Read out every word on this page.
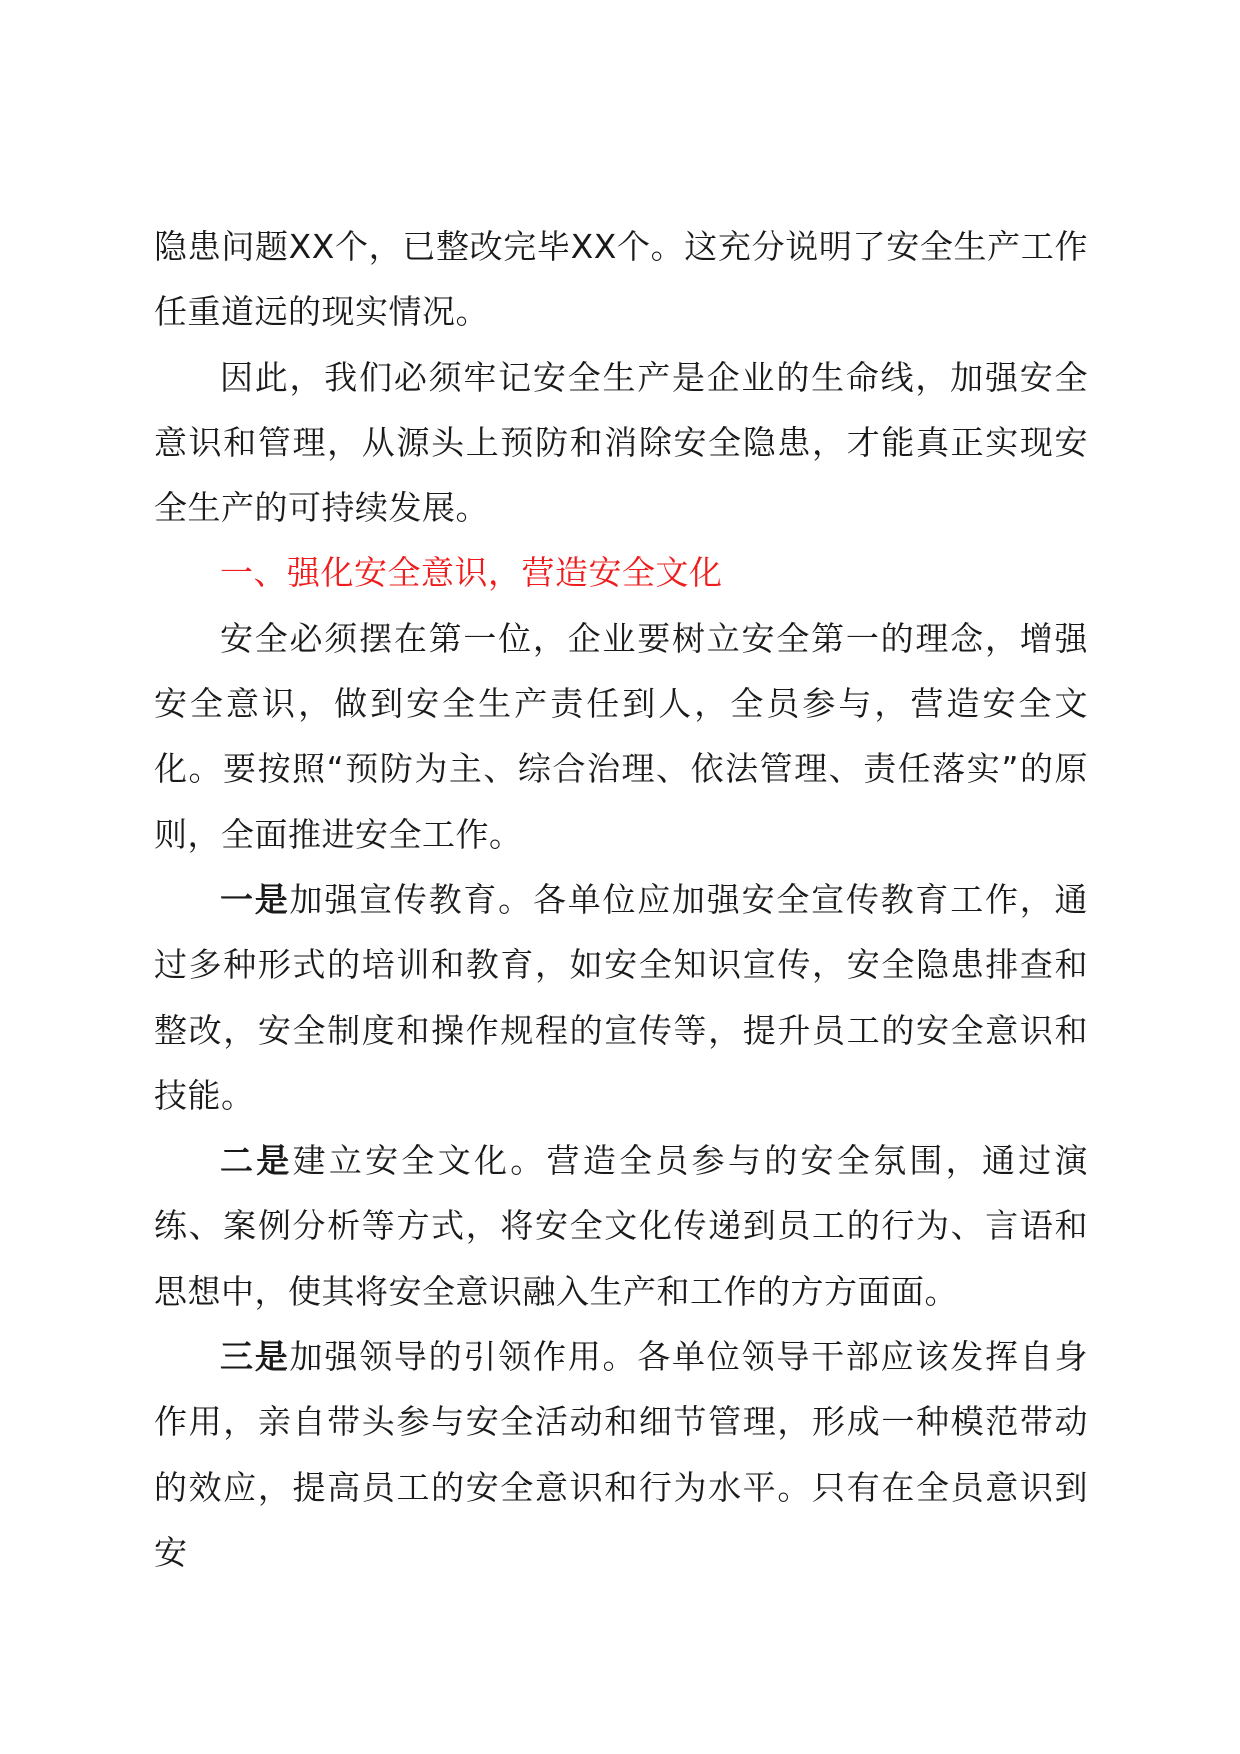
隐患问题XX个，已整改完毕XX个。这充分说明了安全生产工作任重道远的现实情况。

因此，我们必须牢记安全生产是企业的生命线，加强安全意识和管理，从源头上预防和消除安全隐患，才能真正实现安全生产的可持续发展。

一、强化安全意识，营造安全文化

安全必须摆在第一位，企业要树立安全第一的理念，增强安全意识，做到安全生产责任到人，全员参与，营造安全文化。要按照“预防为主、综合治理、依法管理、责任落实”的原则，全面推进安全工作。

一是加强宣传教育。各单位应加强安全宣传教育工作，通过多种形式的培训和教育，如安全知识宣传，安全隐患排查和整改，安全制度和操作规程的宣传等，提升员工的安全意识和技能。

二是建立安全文化。营造全员参与的安全氛围，通过演练、案例分析等方式，将安全文化传递到员工的行为、言语和思想中，使其将安全意识融入生产和工作的方方面面。

三是加强领导的引领作用。各单位领导干部应该发挥自身作用，亲自带头参与安全活动和细节管理，形成一种模范带动的效应，提高员工的安全意识和行为水平。只有在全员意识到安
